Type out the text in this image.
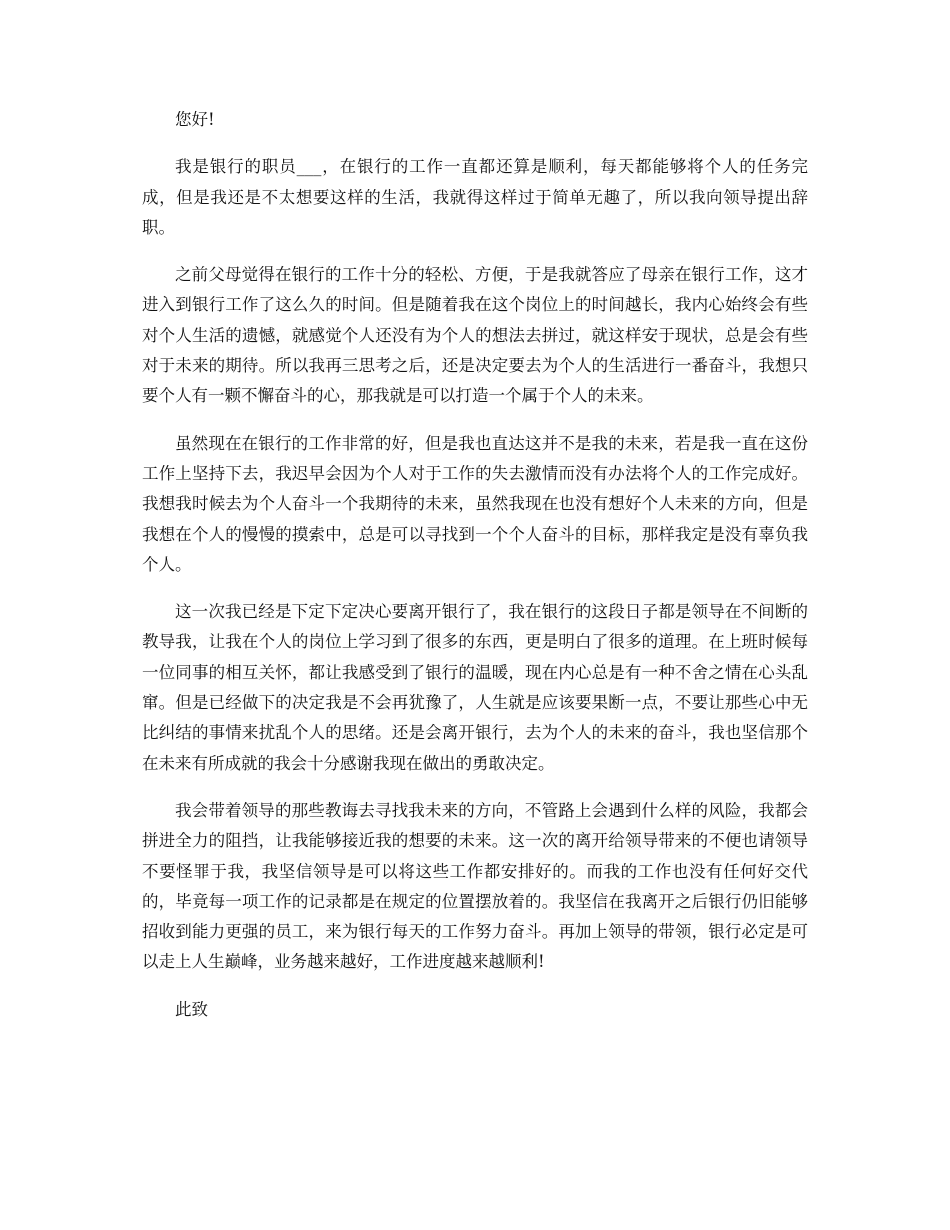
您好!

我是银行的职员___，在银行的工作一直都还算是顺利，每天都能够将个人的任务完成，但是我还是不太想要这样的生活，我就得这样过于简单无趣了，所以我向领导提出辞职。

之前父母觉得在银行的工作十分的轻松、方便，于是我就答应了母亲在银行工作，这才进入到银行工作了这么久的时间。但是随着我在这个岗位上的时间越长，我内心始终会有些对个人生活的遗憾，就感觉个人还没有为个人的想法去拼过，就这样安于现状，总是会有些对于未来的期待。所以我再三思考之后，还是决定要去为个人的生活进行一番奋斗，我想只要个人有一颗不懈奋斗的心，那我就是可以打造一个属于个人的未来。

虽然现在在银行的工作非常的好，但是我也直达这并不是我的未来，若是我一直在这份工作上坚持下去，我迟早会因为个人对于工作的失去激情而没有办法将个人的工作完成好。我想我时候去为个人奋斗一个我期待的未来，虽然我现在也没有想好个人未来的方向，但是我想在个人的慢慢的摸索中，总是可以寻找到一个个人奋斗的目标，那样我定是没有辜负我个人。

这一次我已经是下定下定决心要离开银行了，我在银行的这段日子都是领导在不间断的教导我，让我在个人的岗位上学习到了很多的东西，更是明白了很多的道理。在上班时候每一位同事的相互关怀，都让我感受到了银行的温暖，现在内心总是有一种不舍之情在心头乱窜。但是已经做下的决定我是不会再犹豫了，人生就是应该要果断一点，不要让那些心中无比纠结的事情来扰乱个人的思绪。还是会离开银行，去为个人的未来的奋斗，我也坚信那个在未来有所成就的我会十分感谢我现在做出的勇敢决定。

我会带着领导的那些教诲去寻找我未来的方向，不管路上会遇到什么样的风险，我都会拼进全力的阻挡，让我能够接近我的想要的未来。这一次的离开给领导带来的不便也请领导不要怪罪于我，我坚信领导是可以将这些工作都安排好的。而我的工作也没有任何好交代的，毕竟每一项工作的记录都是在规定的位置摆放着的。我坚信在我离开之后银行仍旧能够招收到能力更强的员工，来为银行每天的工作努力奋斗。再加上领导的带领，银行必定是可以走上人生巅峰，业务越来越好，工作进度越来越顺利!

此致
